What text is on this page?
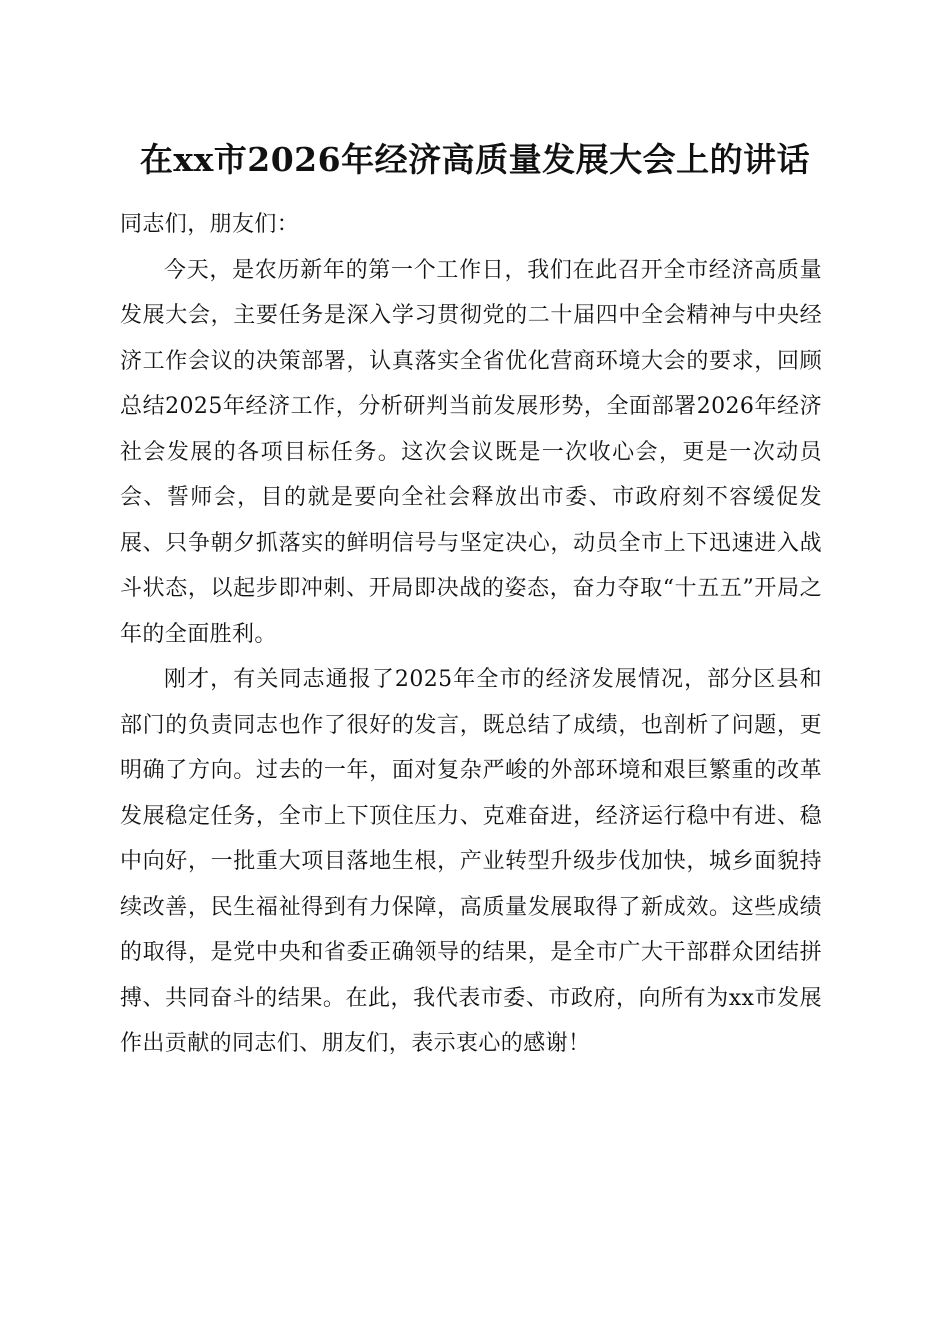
在xx市2026年经济高质量发展大会上的讲话

同志们，朋友们：

今天，是农历新年的第一个工作日，我们在此召开全市经济高质量发展大会，主要任务是深入学习贯彻党的二十届四中全会精神与中央经济工作会议的决策部署，认真落实全省优化营商环境大会的要求，回顾总结2025年经济工作，分析研判当前发展形势，全面部署2026年经济社会发展的各项目标任务。这次会议既是一次收心会，更是一次动员会、誓师会，目的就是要向全社会释放出市委、市政府刻不容缓促发展、只争朝夕抓落实的鲜明信号与坚定决心，动员全市上下迅速进入战斗状态，以起步即冲刺、开局即决战的姿态，奋力夺取“十五五”开局之年的全面胜利。

刚才，有关同志通报了2025年全市的经济发展情况，部分区县和部门的负责同志也作了很好的发言，既总结了成绩，也剖析了问题，更明确了方向。过去的一年，面对复杂严峻的外部环境和艰巨繁重的改革发展稳定任务，全市上下顶住压力、克难奋进，经济运行稳中有进、稳中向好，一批重大项目落地生根，产业转型升级步伐加快，城乡面貌持续改善，民生福祉得到有力保障，高质量发展取得了新成效。这些成绩的取得，是党中央和省委正确领导的结果，是全市广大干部群众团结拼搏、共同奋斗的结果。在此，我代表市委、市政府，向所有为xx市发展作出贡献的同志们、朋友们，表示衷心的感谢！
